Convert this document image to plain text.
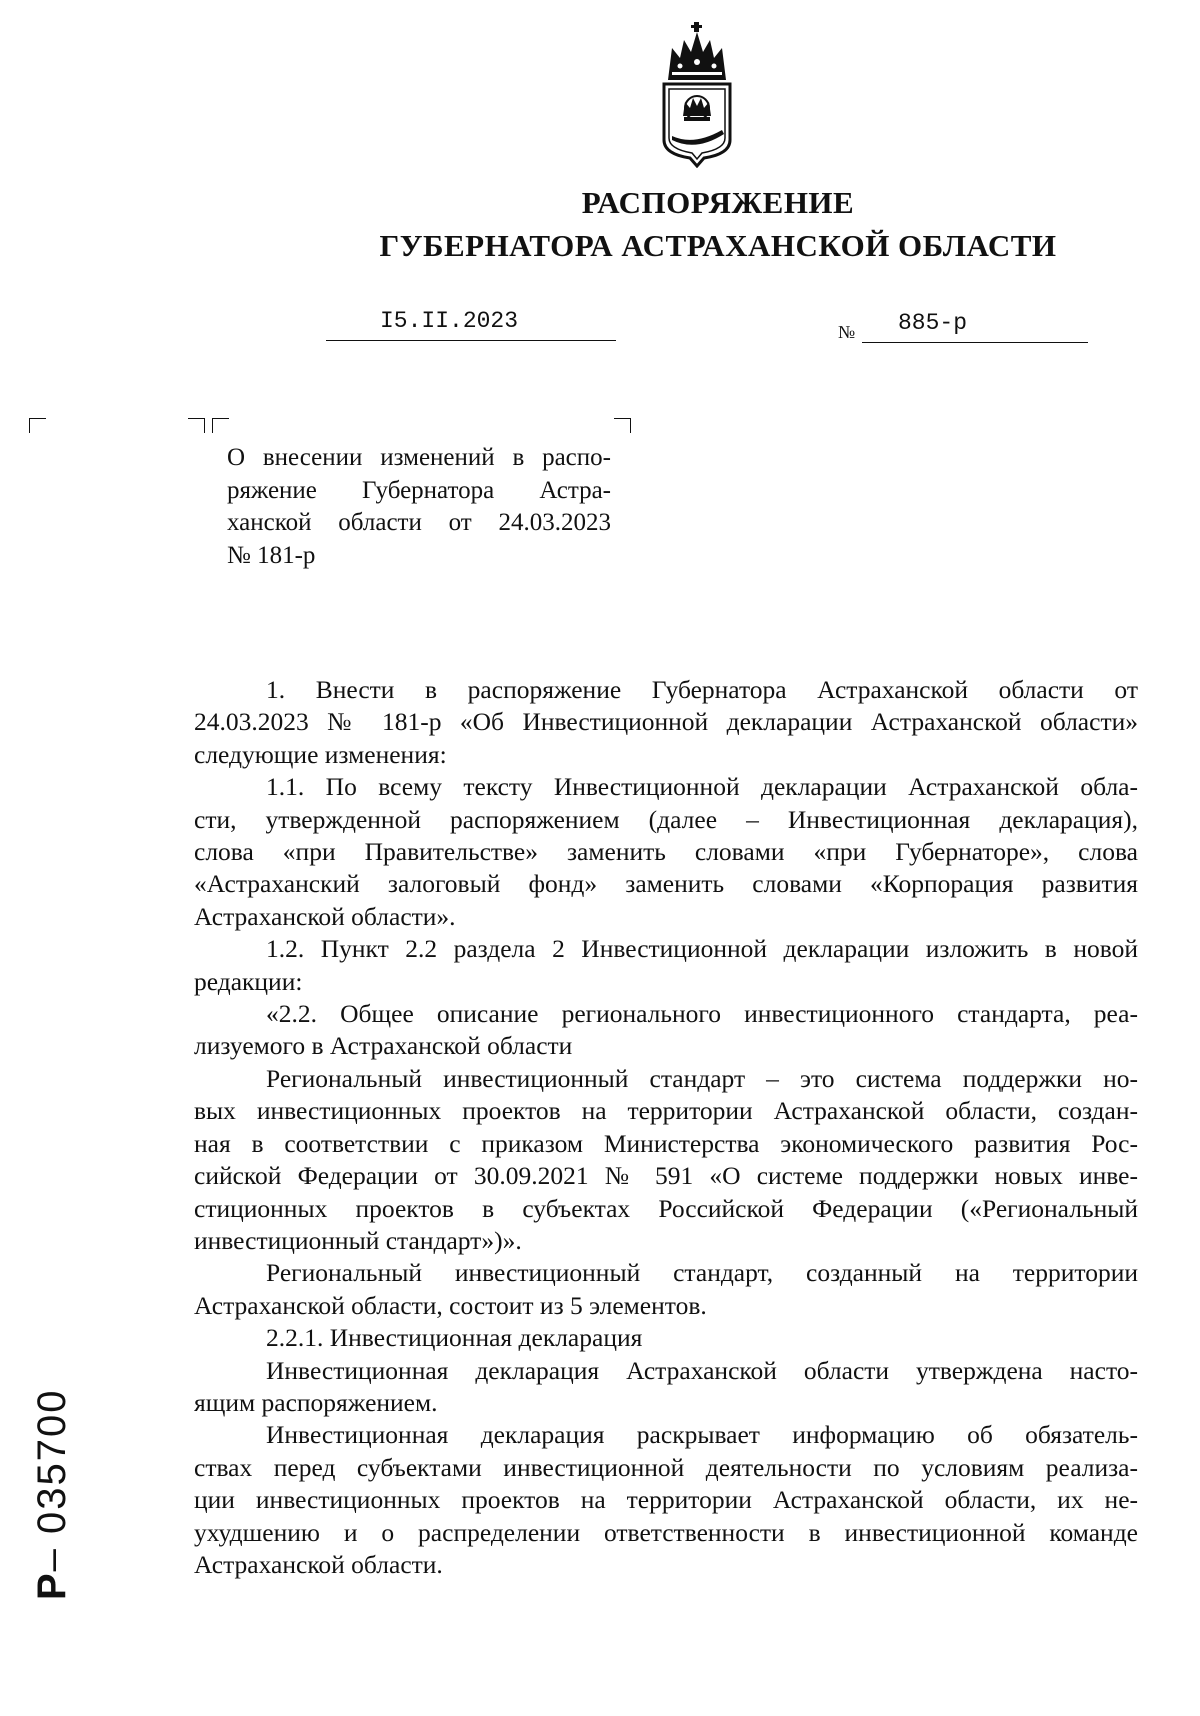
РАСПОРЯЖЕНИЕ
ГУБЕРНАТОРА АСТРАХАНСКОЙ ОБЛАСТИ
I5.II.2023	№ 885-р
О внесении изменений в распо-
ряжение Губернатора Астра-
ханской области от 24.03.2023
№ 181-р
1. Внести в распоряжение Губернатора Астраханской области от
24.03.2023 № 181-р «Об Инвестиционной декларации Астраханской области»
следующие изменения:
1.1. По всему тексту Инвестиционной декларации Астраханской обла-
сти, утвержденной распоряжением (далее – Инвестиционная декларация),
слова «при Правительстве» заменить словами «при Губернаторе», слова
«Астраханский залоговый фонд» заменить словами «Корпорация развития
Астраханской области».
1.2. Пункт 2.2 раздела 2 Инвестиционной декларации изложить в новой
редакции:
«2.2. Общее описание регионального инвестиционного стандарта, реа-
лизуемого в Астраханской области
Региональный инвестиционный стандарт – это система поддержки но-
вых инвестиционных проектов на территории Астраханской области, создан-
ная в соответствии с приказом Министерства экономического развития Рос-
сийской Федерации от 30.09.2021 № 591 «О системе поддержки новых инве-
стиционных проектов в субъектах Российской Федерации («Региональный
инвестиционный стандарт»)».
Региональный инвестиционный стандарт, созданный на территории
Астраханской области, состоит из 5 элементов.
2.2.1. Инвестиционная декларация
Инвестиционная декларация Астраханской области утверждена насто-
ящим распоряжением.
Инвестиционная декларация раскрывает информацию об обязатель-
ствах перед субъектами инвестиционной деятельности по условиям реализа-
ции инвестиционных проектов на территории Астраханской области, их не-
ухудшению и о распределении ответственности в инвестиционной команде
Астраханской области.
Р– 035700
